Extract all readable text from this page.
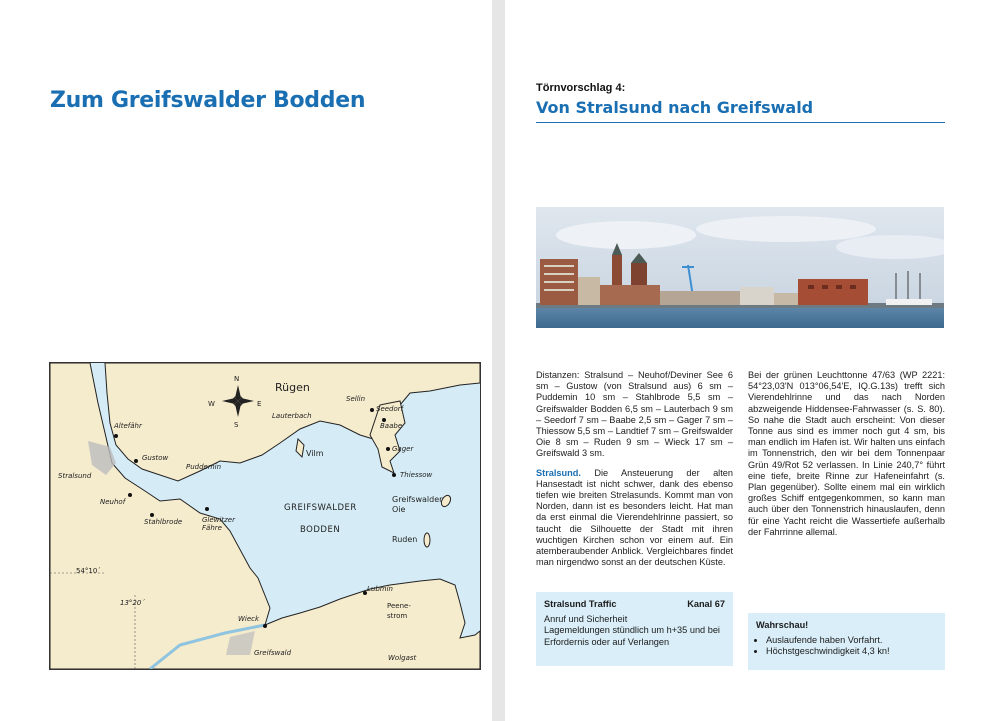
Zum Greifswalder Bodden
Rügen
N
S
W	E
Altefähr
Stralsund
Gustow
Puddemin
Lauterbach
Sellin
Seedorf
Baabe
Gager
Vilm
Thiessow
Neuhof
Stahlbrode	Glewitzer Fähre
GREIFSWALDER
BODDEN
Greifswalder Oie
Ruden
54°10´
13°20´
Lubmin
Peene-strom
Wieck
Greifswald
Wolgast
Törnvorschlag 4:
Von Stralsund nach Greifswald

Distanzen: Stralsund – Neuhof/Deviner See 6 sm – Gustow (von Stralsund aus) 6 sm – Puddemin 10 sm – Stahlbrode 5,5 sm – Greifswalder Bodden 6,5 sm – Lauterbach 9 sm – Seedorf 7 sm – Baabe 2,5 sm – Gager 7 sm – Thiessow 5,5 sm – Landtief 7 sm – Greifswalder Oie 8 sm – Ruden 9 sm – Wieck 17 sm – Greifswald 3 sm.

Stralsund. Die Ansteuerung der alten Hansestadt ist nicht schwer, dank des ebenso tiefen wie breiten Strelasunds. Kommt man von Norden, dann ist es besonders leicht. Hat man da erst einmal die Vierendehlrinne passiert, so taucht die Silhouette der Stadt mit ihren wuchtigen Kirchen schon vor einem auf. Ein atemberaubender Anblick. Vergleichbares findet man nirgendwo sonst an der deutschen Küste.

Bei der grünen Leuchttonne 47/63 (WP 2221: 54°23,03'N 013°06,54'E, IQ.G.13s) trefft sich Vierendehlrinne und das nach Norden abzweigende Hiddensee-Fahrwasser (s. S. 80). So nahe die Stadt auch erscheint: Von dieser Tonne aus sind es immer noch gut 4 sm, bis man endlich im Hafen ist. Wir halten uns einfach im Tonnenstrich, den wir bei dem Tonnenpaar Grün 49/Rot 52 verlassen. In Linie 240,7° führt eine tiefe, breite Rinne zur Hafeneinfahrt (s. Plan gegenüber). Sollte einem mal ein wirklich großes Schiff entgegenkommen, so kann man auch über den Tonnenstrich hinauslaufen, denn für eine Yacht reicht die Wassertiefe außerhalb der Fahrrinne allemal.

Stralsund Traffic	Kanal 67
Anruf und Sicherheit
Lagemeldungen stündlich um h+35 und bei Erfordernis oder auf Verlangen
Wahrschau!
• Auslaufende haben Vorfahrt.
• Höchstgeschwindigkeit 4,3 kn!
